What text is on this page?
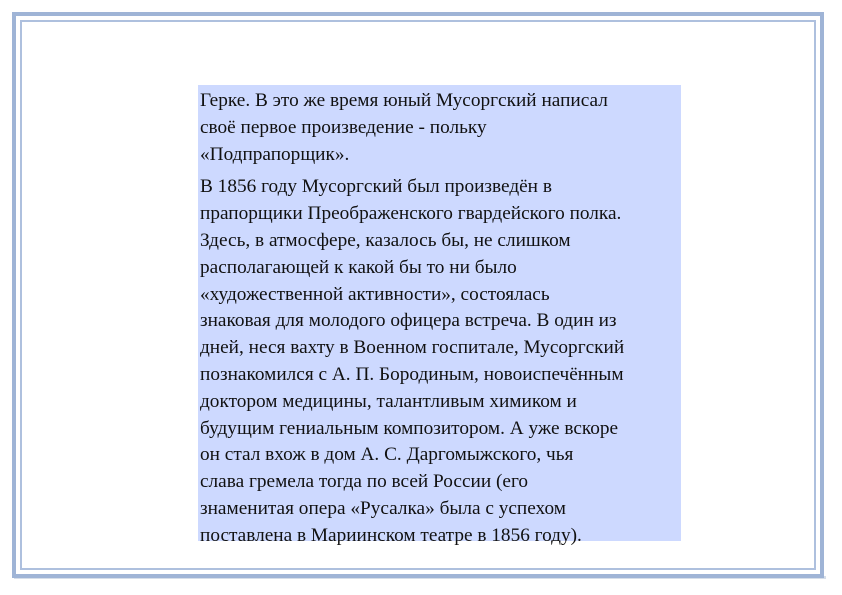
Герке. В это же время юный Мусоргский написал
своё первое произведение - польку
«Подпрапорщик».

В 1856 году Мусоргский был произведён в
прапорщики Преображенского гвардейского полка.
Здесь, в атмосфере, казалось бы, не слишком
располагающей к какой бы то ни было
«художественной активности», состоялась
знаковая для молодого офицера встреча. В один из
дней, неся вахту в Военном госпитале, Мусоргский
познакомился с А. П. Бородиным, новоиспечённым
доктором медицины, талантливым химиком и
будущим гениальным композитором. А уже вскоре
он стал вхож в дом А. С. Даргомыжского, чья
слава гремела тогда по всей России (его
знаменитая опера «Русалка» была с успехом
поставлена в Мариинском театре в 1856 году).
